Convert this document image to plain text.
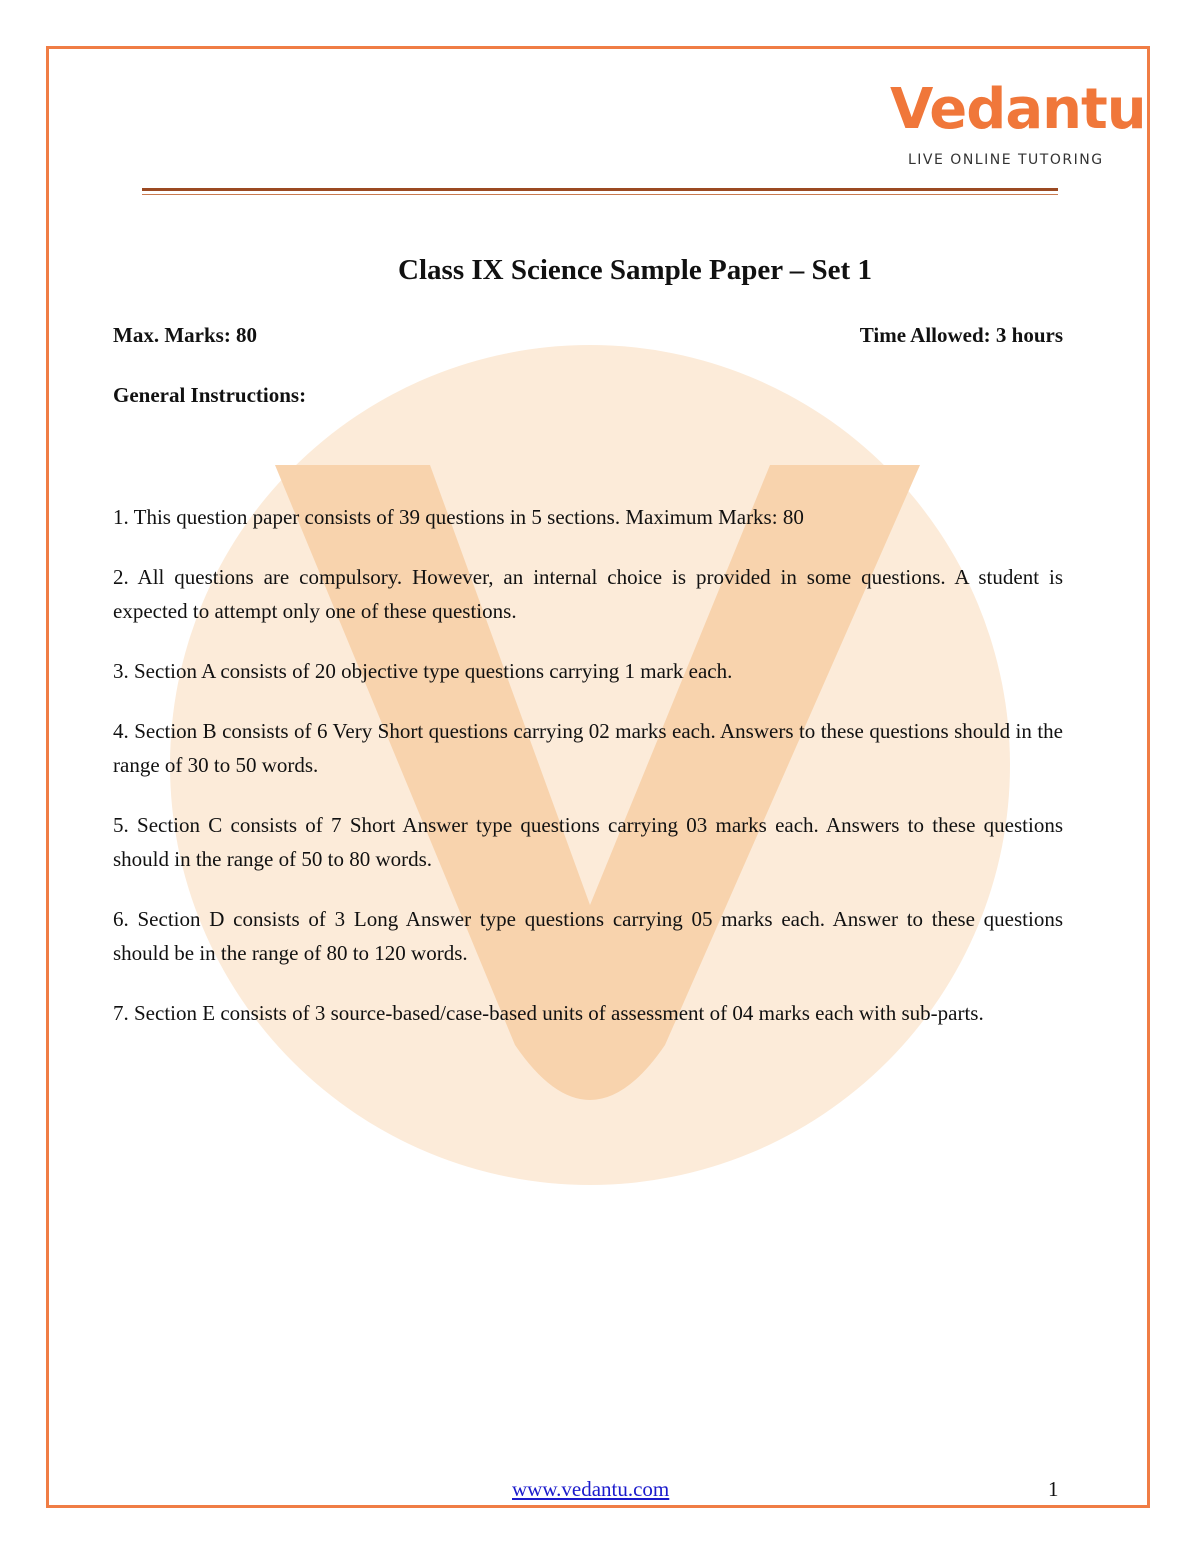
Vedantu
LIVE ONLINE TUTORING
Class IX Science Sample Paper – Set 1
Max. Marks: 80	Time Allowed: 3 hours
General Instructions:

1. This question paper consists of 39 questions in 5 sections. Maximum Marks: 80

2. All questions are compulsory. However, an internal choice is provided in some questions. A student is expected to attempt only one of these questions.

3. Section A consists of 20 objective type questions carrying 1 mark each.

4. Section B consists of 6 Very Short questions carrying 02 marks each. Answers to these questions should in the range of 30 to 50 words.

5. Section C consists of 7 Short Answer type questions carrying 03 marks each. Answers to these questions should in the range of 50 to 80 words.

6. Section D consists of 3 Long Answer type questions carrying 05 marks each. Answer to these questions should be in the range of 80 to 120 words.

7. Section E consists of 3 source-based/case-based units of assessment of 04 marks each with sub-parts.

www.vedantu.com	1
